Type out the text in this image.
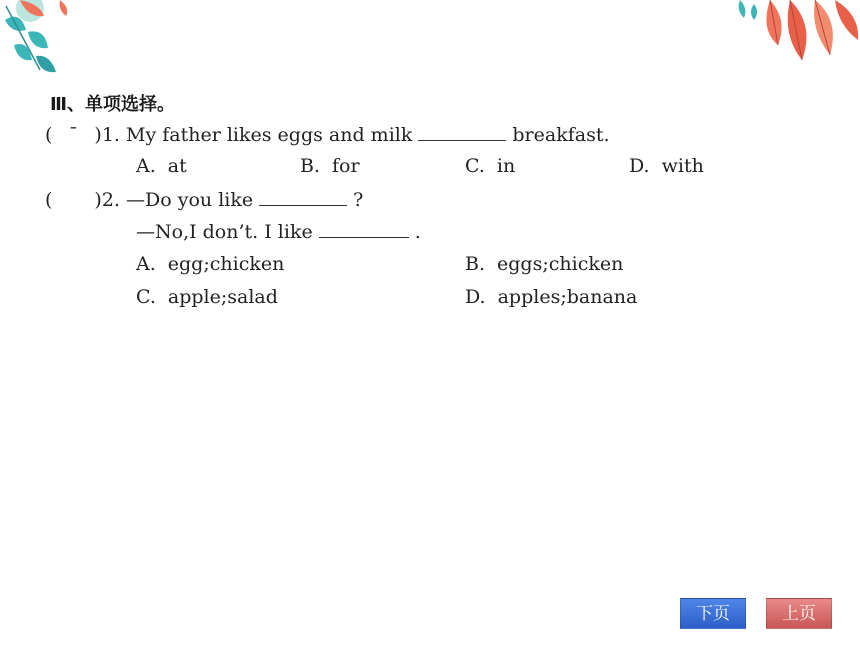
Ⅲ、单项选择。
( ¯ )1. My father likes eggs and milk	breakfast.
A. at	B. for	C. in	D. with
( )2. —Do you like	?
—No,I don’t. I like	.
A. egg;chicken	B. eggs;chicken
C. apple;salad	D. apples;banana
下页	上页
